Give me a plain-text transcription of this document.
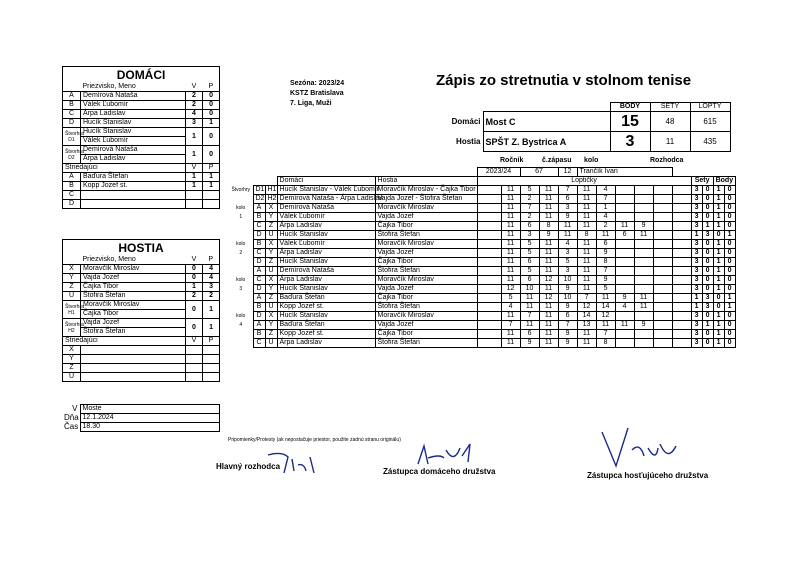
DOMÁCI			
	Priezvisko, Meno	V	P
A	Demírová Nataša	2	0
B	Válek Ľubomír	2	0
C	Árpa Ladislav	4	0
D	Hucík Stanislav	3	1

Štvorhra
D1	Hucík Stanislav	1	0
	Válek Ľubomír		

Štvorhra
D2	Demírová Nataša	1	0
	Árpa Ladislav		
Striedajúci		V	P
A	Baďura Štefan	1	1
B	Kopp Jozef st.	1	1
C			
D			
HOSTIA			
	Priezvisko, Meno	V	P
X	Moravčík Miroslav	0	4
Y	Vajda Jozef	0	4
Z	Čajka Tibor	1	3
U	Štofira Štefan	2	2

Štvorhra
H1	Moravčík Miroslav	0	1
	Čajka Tibor		

Štvorhra
H2	Vajda Jozef	0	1
	Štofira Štefan		
Striedajúci		V	P
X			
Y			
Z			
U			
V	Moste
Dňa	12.1.2024
Čas	18.30
Sezóna: 2023/24
KSTZ Bratislava
7. Liga, Muži
Zápis zo stretnutia v stolnom tenise
		BODY	SETY	LOPTY
Domáci	Most C	15	48	615
Hostia	SPŠT Z. Bystrica A	3	11	435
Ročník	č.zápasu kolo	Rozhodca
					2023/24		67		12	Trančík Ivan									
			Domáci	Hostia	Loptičky											Sety		Body	
Štvorhry	D1	H1	Hucík Stanislav - Válek Ľubomír	Moravčík Miroslav - Čajka Tibor		11	5	11	7	11	4					3	0	1	0
	D2	H2	Demírová Nataša - Árpa Ladislav	Vajda Jozef - Štofira Štefan		11	2	11	6	11	7					3	0	1	0
kolo	A	X	Demírová Nataša	Moravčík Miroslav		11	7	11	3	11	1					3	0	1	0
1	B	Y	Válek Ľubomír	Vajda Jozef		11	2	11	9	11	4					3	0	1	0
	C	Z	Árpa Ladislav	Čajka Tibor		11	6	8	11	11	2	11	9			3	1	1	0
	D	U	Hucík Stanislav	Štofira Štefan		11	3	9	11	8	11	6	11			1	3	0	1
kolo	B	X	Válek Ľubomír	Moravčík Miroslav		11	5	11	4	11	6					3	0	1	0
2	C	Y	Árpa Ladislav	Vajda Jozef		11	5	11	3	11	9					3	0	1	0
	D	Z	Hucík Stanislav	Čajka Tibor		11	6	11	5	11	8					3	0	1	0
	A	U	Demírová Nataša	Štofira Štefan		11	5	11	3	11	7					3	0	1	0
kolo	C	X	Árpa Ladislav	Moravčík Miroslav		11	6	12	10	11	9					3	0	1	0
3	D	Y	Hucík Stanislav	Vajda Jozef		12	10	11	9	11	5					3	0	1	0
	A	Z	Baďura Štefan	Čajka Tibor		5	11	12	10	7	11	9	11			1	3	0	1
	B	U	Kopp Jozef st.	Štofira Štefan		4	11	11	9	12	14	4	11			1	3	0	1
kolo	D	X	Hucík Stanislav	Moravčík Miroslav		11	7	11	6	14	12					3	0	1	0
4	A	Y	Baďura Štefan	Vajda Jozef		7	11	11	7	13	11	11	9			3	1	1	0
	B	Z	Kopp Jozef st.	Čajka Tibor		11	6	11	9	11	7					3	0	1	0
	C	U	Árpa Ladislav	Štofira Štefan		11	9	11	9	11	8					3	0	1	0
Pripomienky/Protesty (ak nepostačuje priestor, použite zadnú stranu originálu)
Hlavný rozhodca
Zástupca domáceho družstva	Zástupca hosťujúceho družstva
